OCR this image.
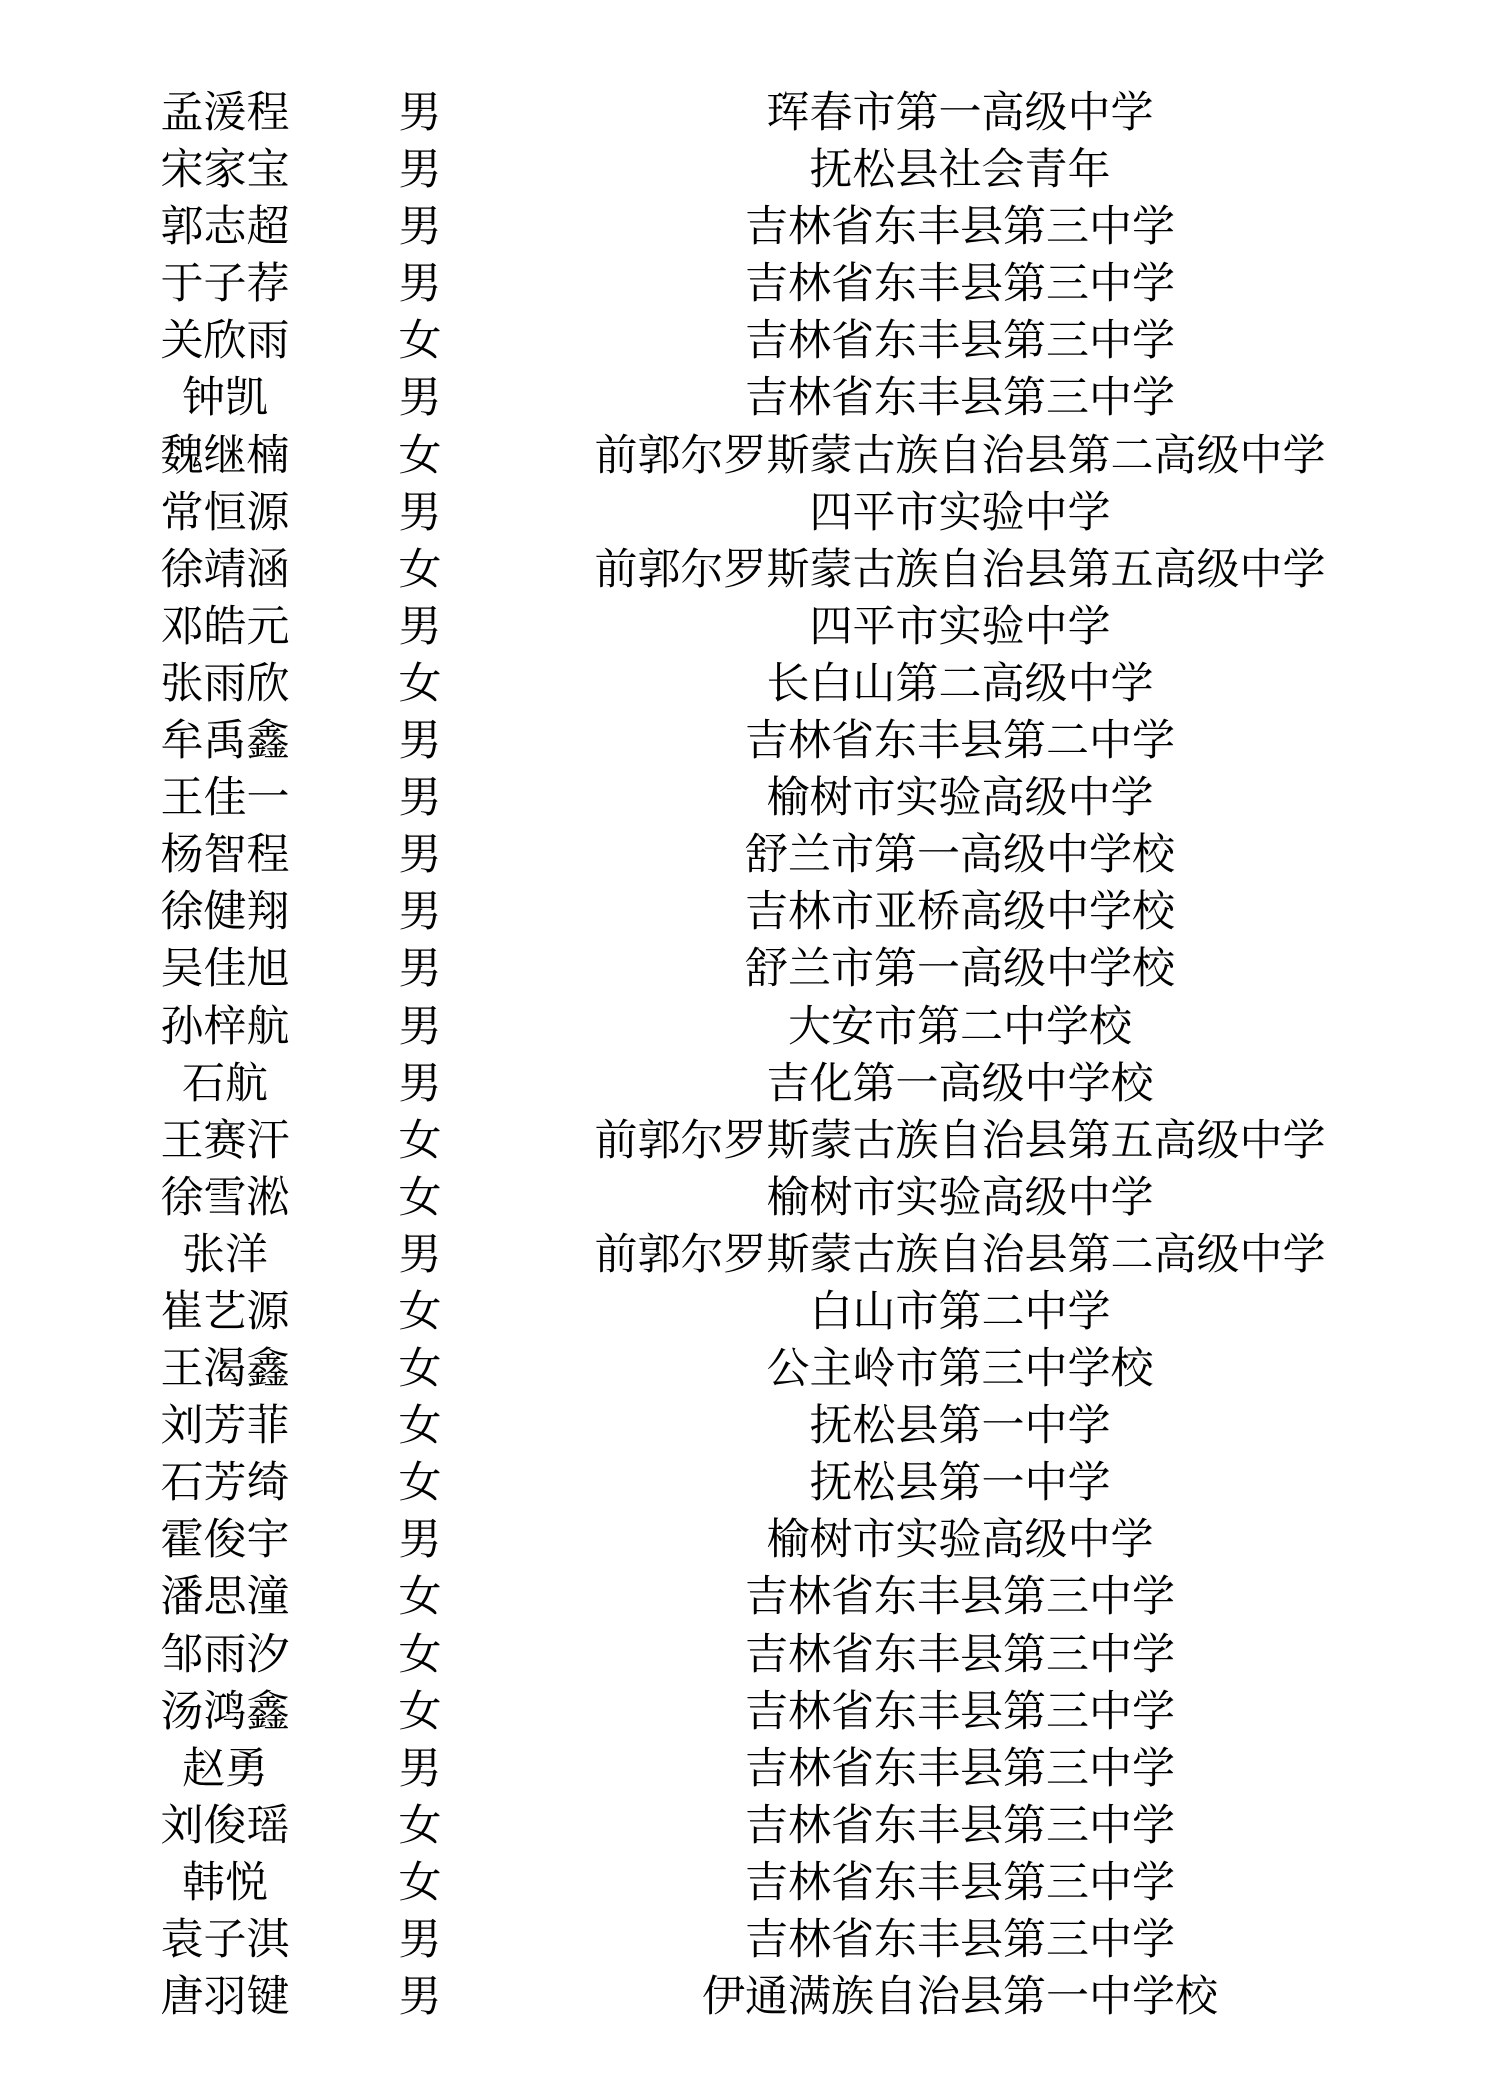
孟湲程	男	珲春市第一高级中学
宋家宝	男	抚松县社会青年
郭志超	男	吉林省东丰县第三中学
于子荐	男	吉林省东丰县第三中学
关欣雨	女	吉林省东丰县第三中学
钟凯	男	吉林省东丰县第三中学
魏继楠	女	前郭尔罗斯蒙古族自治县第二高级中学
常恒源	男	四平市实验中学
徐靖涵	女	前郭尔罗斯蒙古族自治县第五高级中学
邓皓元	男	四平市实验中学
张雨欣	女	长白山第二高级中学
牟禹鑫	男	吉林省东丰县第二中学
王佳一	男	榆树市实验高级中学
杨智程	男	舒兰市第一高级中学校
徐健翔	男	吉林市亚桥高级中学校
吴佳旭	男	舒兰市第一高级中学校
孙梓航	男	大安市第二中学校
石航	男	吉化第一高级中学校
王赛汗	女	前郭尔罗斯蒙古族自治县第五高级中学
徐雪淞	女	榆树市实验高级中学
张洋	男	前郭尔罗斯蒙古族自治县第二高级中学
崔艺源	女	白山市第二中学
王渴鑫	女	公主岭市第三中学校
刘芳菲	女	抚松县第一中学
石芳绮	女	抚松县第一中学
霍俊宇	男	榆树市实验高级中学
潘思潼	女	吉林省东丰县第三中学
邹雨汐	女	吉林省东丰县第三中学
汤鸿鑫	女	吉林省东丰县第三中学
赵勇	男	吉林省东丰县第三中学
刘俊瑶	女	吉林省东丰县第三中学
韩悦	女	吉林省东丰县第三中学
袁子淇	男	吉林省东丰县第三中学
唐羽键	男	伊通满族自治县第一中学校
